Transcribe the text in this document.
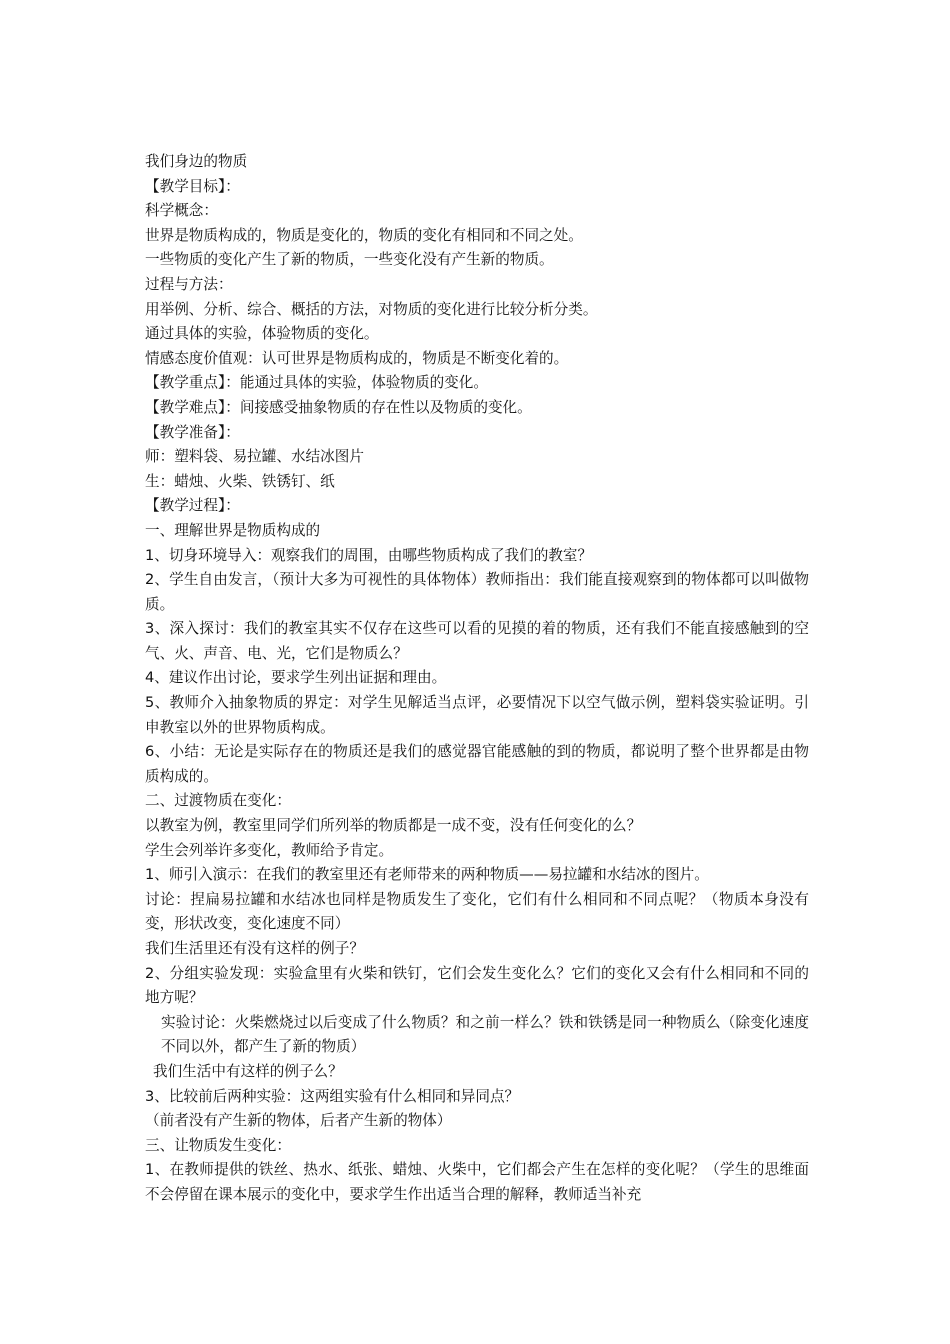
我们身边的物质

【教学目标】：

科学概念：

世界是物质构成的，物质是变化的，物质的变化有相同和不同之处。

一些物质的变化产生了新的物质，一些变化没有产生新的物质。

过程与方法：

用举例、分析、综合、概括的方法，对物质的变化进行比较分析分类。

通过具体的实验，体验物质的变化。

情感态度价值观：认可世界是物质构成的，物质是不断变化着的。

【教学重点】：能通过具体的实验，体验物质的变化。

【教学难点】：间接感受抽象物质的存在性以及物质的变化。

【教学准备】：

师：塑料袋、易拉罐、水结冰图片

生：蜡烛、火柴、铁锈钉、纸

【教学过程】：

一、理解世界是物质构成的

1、切身环境导入：观察我们的周围，由哪些物质构成了我们的教室？

2、学生自由发言，（预计大多为可视性的具体物体）教师指出：我们能直接观察到的物体都可以叫做物质。

3、深入探讨：我们的教室其实不仅存在这些可以看的见摸的着的物质，还有我们不能直接感触到的空气、火、声音、电、光，它们是物质么？

4、建议作出讨论，要求学生列出证据和理由。

5、教师介入抽象物质的界定：对学生见解适当点评，必要情况下以空气做示例，塑料袋实验证明。引申教室以外的世界物质构成。

6、小结：无论是实际存在的物质还是我们的感觉器官能感触的到的物质，都说明了整个世界都是由物质构成的。

二、过渡物质在变化：

以教室为例，教室里同学们所列举的物质都是一成不变，没有任何变化的么？

学生会列举许多变化，教师给予肯定。

1、师引入演示：在我们的教室里还有老师带来的两种物质——易拉罐和水结冰的图片。

讨论：捏扁易拉罐和水结冰也同样是物质发生了变化，它们有什么相同和不同点呢？（物质本身没有变，形状改变，变化速度不同）

我们生活里还有没有这样的例子？

2、分组实验发现：实验盒里有火柴和铁钉，它们会发生变化么？它们的变化又会有什么相同和不同的地方呢？

实验讨论：火柴燃烧过以后变成了什么物质？和之前一样么？铁和铁锈是同一种物质么（除变化速度不同以外，都产生了新的物质）

我们生活中有这样的例子么？

3、比较前后两种实验：这两组实验有什么相同和异同点？

（前者没有产生新的物体，后者产生新的物体）

三、让物质发生变化：

1、在教师提供的铁丝、热水、纸张、蜡烛、火柴中，它们都会产生在怎样的变化呢？（学生的思维面不会停留在课本展示的变化中，要求学生作出适当合理的解释，教师适当补充
